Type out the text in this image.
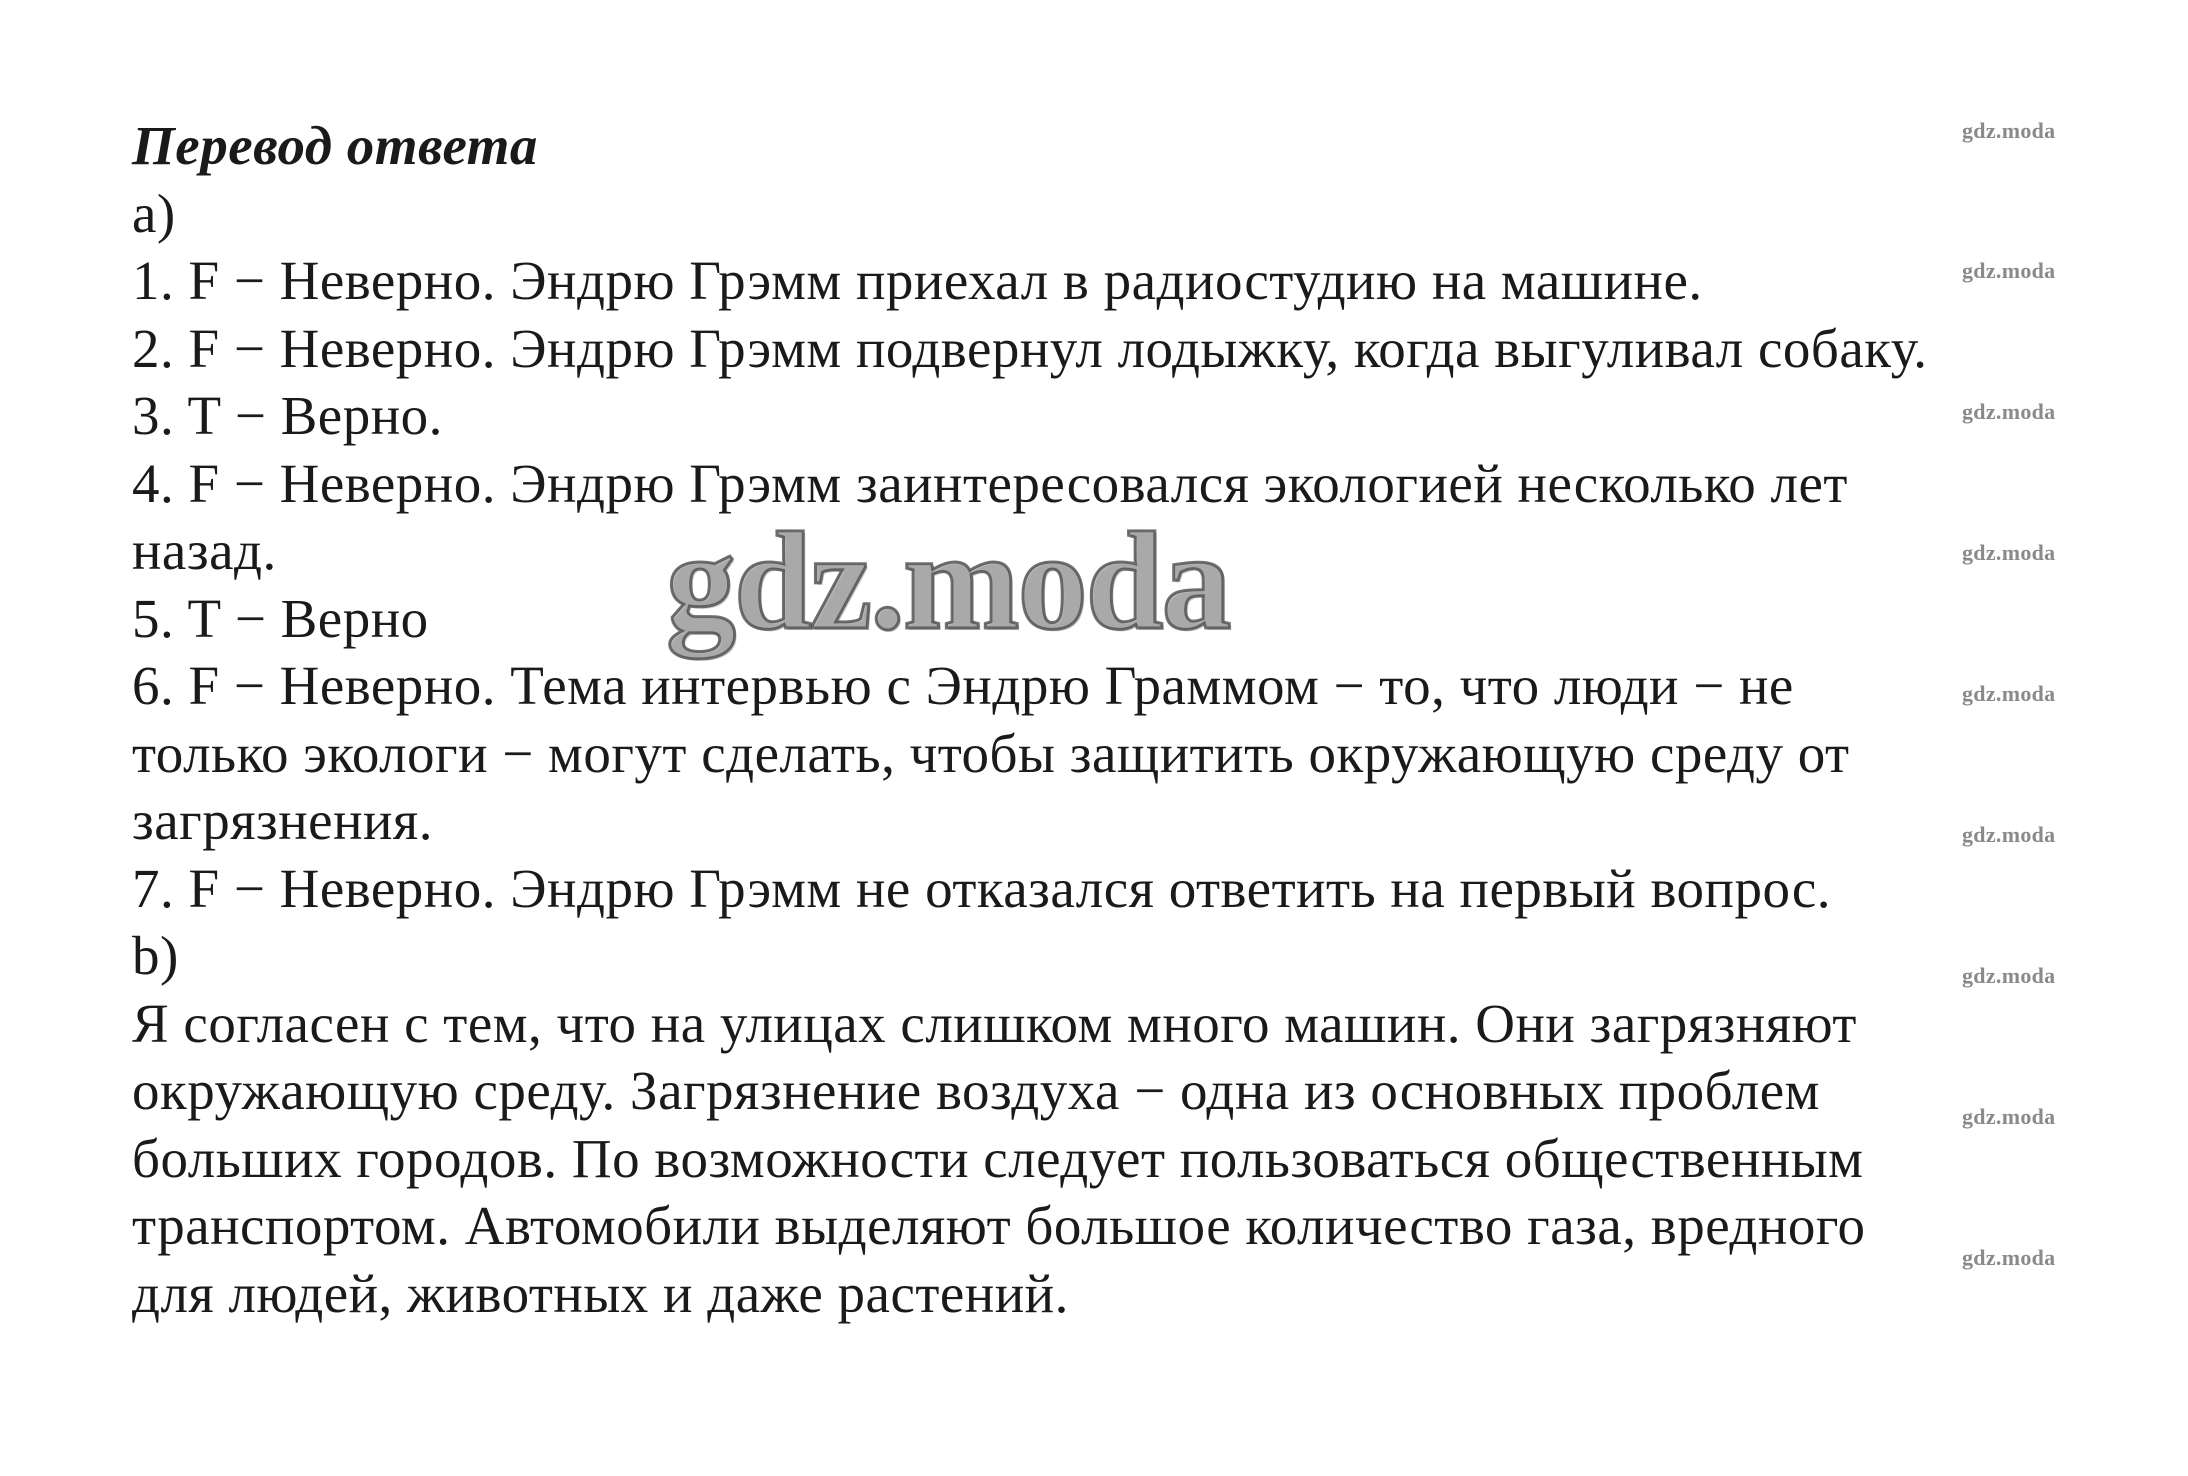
Перевод ответа
a)
1. F − Неверно. Эндрю Грэмм приехал в радиостудию на машине.
2. F − Неверно. Эндрю Грэмм подвернул лодыжку, когда выгуливал собаку.
3. T − Верно.
4. F − Неверно. Эндрю Грэмм заинтересовался экологией несколько лет
назад.
5. T − Верно
6. F − Неверно. Тема интервью с Эндрю Граммом − то, что люди − не
только экологи − могут сделать, чтобы защитить окружающую среду от
загрязнения.
7. F − Неверно. Эндрю Грэмм не отказался ответить на первый вопрос.
b)
Я согласен с тем, что на улицах слишком много машин. Они загрязняют
окружающую среду. Загрязнение воздуха − одна из основных проблем
больших городов. По возможности следует пользоваться общественным
транспортом. Автомобили выделяют большое количество газа, вредного
для людей, животных и даже растений.
gdz.moda
gdz.moda
gdz.moda
gdz.moda
gdz.moda
gdz.moda
gdz.moda
gdz.moda
gdz.moda
gdz.moda
